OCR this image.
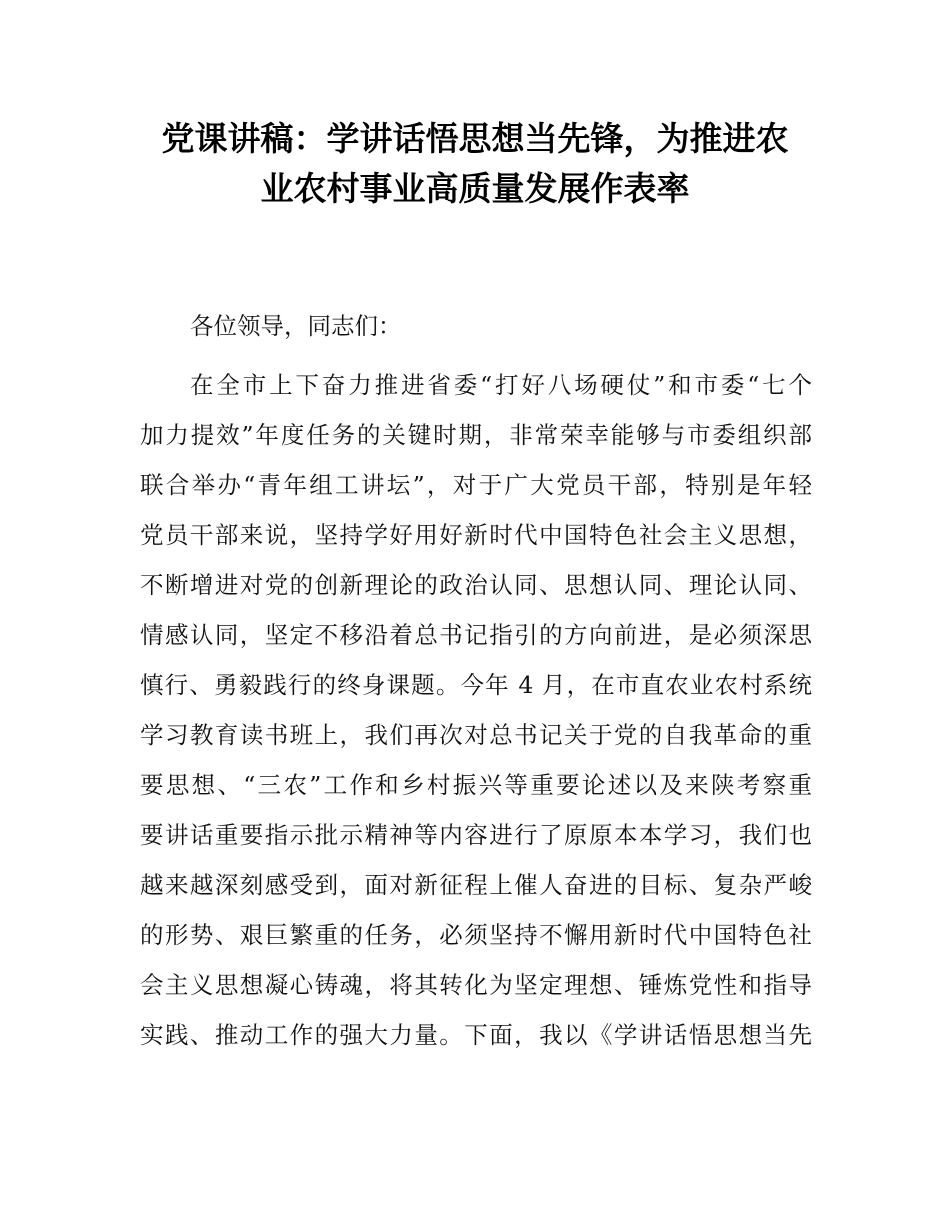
党课讲稿：学讲话悟思想当先锋，为推进农
业农村事业高质量发展作表率

各位领导，同志们：

在全市上下奋力推进省委“打好八场硬仗”和市委“七个

加力提效”年度任务的关键时期，非常荣幸能够与市委组织部

联合举办“青年组工讲坛”，对于广大党员干部，特别是年轻

党员干部来说，坚持学好用好新时代中国特色社会主义思想，

不断增进对党的创新理论的政治认同、思想认同、理论认同、

情感认同，坚定不移沿着总书记指引的方向前进，是必须深思

慎行、勇毅践行的终身课题。今年 4 月，在市直农业农村系统

学习教育读书班上，我们再次对总书记关于党的自我革命的重

要思想、“三农”工作和乡村振兴等重要论述以及来陕考察重

要讲话重要指示批示精神等内容进行了原原本本学习，我们也

越来越深刻感受到，面对新征程上催人奋进的目标、复杂严峻

的形势、艰巨繁重的任务，必须坚持不懈用新时代中国特色社

会主义思想凝心铸魂，将其转化为坚定理想、锤炼党性和指导

实践、推动工作的强大力量。下面，我以《学讲话悟思想当先
